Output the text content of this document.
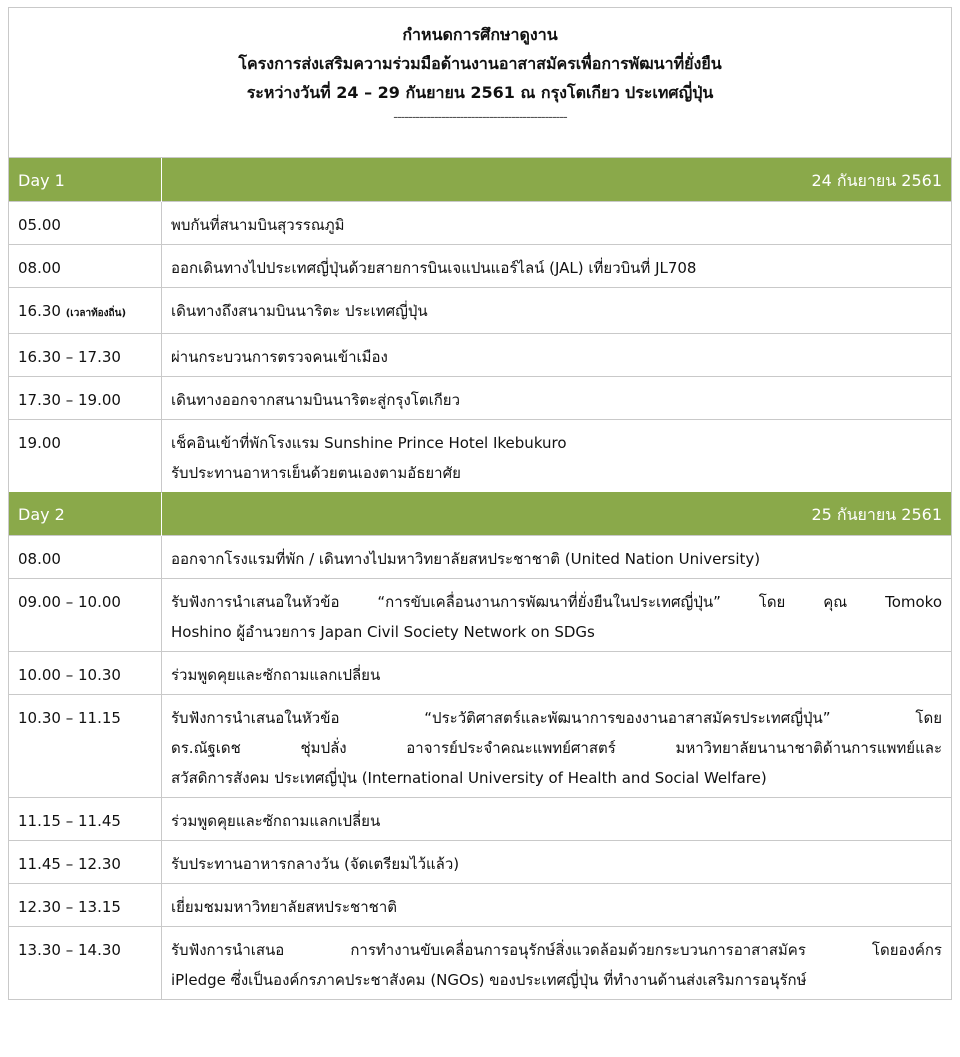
กำหนดการศึกษาดูงาน
โครงการส่งเสริมความร่วมมือด้านงานอาสาสมัครเพื่อการพัฒนาที่ยั่งยืน
ระหว่างวันที่ 24 – 29 กันยายน 2561 ณ กรุงโตเกียว ประเทศญี่ปุ่น
-----------------------------------------------
Day 1	24 กันยายน 2561
05.00	พบกันที่สนามบินสุวรรณภูมิ

08.00	ออกเดินทางไปประเทศญี่ปุ่นด้วยสายการบินเจแปนแอร์ไลน์ (JAL) เที่ยวบินที่ JL708

16.30 (เวลาท้องถิ่น)	เดินทางถึงสนามบินนาริตะ ประเทศญี่ปุ่น

16.30 – 17.30	ผ่านกระบวนการตรวจคนเข้าเมือง

17.30 – 19.00	เดินทางออกจากสนามบินนาริตะสู่กรุงโตเกียว

19.00	เช็คอินเข้าที่พักโรงแรม Sunshine Prince Hotel Ikebukuro
รับประทานอาหารเย็นด้วยตนเองตามอัธยาศัย

Day 2	25 กันยายน 2561
08.00	ออกจากโรงแรมที่พัก / เดินทางไปมหาวิทยาลัยสหประชาชาติ (United Nation University)

09.00 – 10.00	รับฟังการนำเสนอในหัวข้อ “การขับเคลื่อนงานการพัฒนาที่ยั่งยืนในประเทศญี่ปุ่น” โดย คุณ Tomoko
Hoshino ผู้อำนวยการ Japan Civil Society Network on SDGs

10.00 – 10.30	ร่วมพูดคุยและซักถามแลกเปลี่ยน

10.30 – 11.15	รับฟังการนำเสนอในหัวข้อ “ประวัติศาสตร์และพัฒนาการของงานอาสาสมัครประเทศญี่ปุ่น” โดย
ดร.ณัฐเดช ชุ่มปลั่ง อาจารย์ประจำคณะแพทย์ศาสตร์ มหาวิทยาลัยนานาชาติด้านการแพทย์และ
สวัสดิการสังคม ประเทศญี่ปุ่น (International University of Health and Social Welfare)

11.15 – 11.45	ร่วมพูดคุยและซักถามแลกเปลี่ยน

11.45 – 12.30	รับประทานอาหารกลางวัน (จัดเตรียมไว้แล้ว)

12.30 – 13.15	เยี่ยมชมมหาวิทยาลัยสหประชาชาติ

13.30 – 14.30	รับฟังการนำเสนอ การทำงานขับเคลื่อนการอนุรักษ์สิ่งแวดล้อมด้วยกระบวนการอาสาสมัคร โดยองค์กร
iPledge ซึ่งเป็นองค์กรภาคประชาสังคม (NGOs) ของประเทศญี่ปุ่น ที่ทำงานด้านส่งเสริมการอนุรักษ์
